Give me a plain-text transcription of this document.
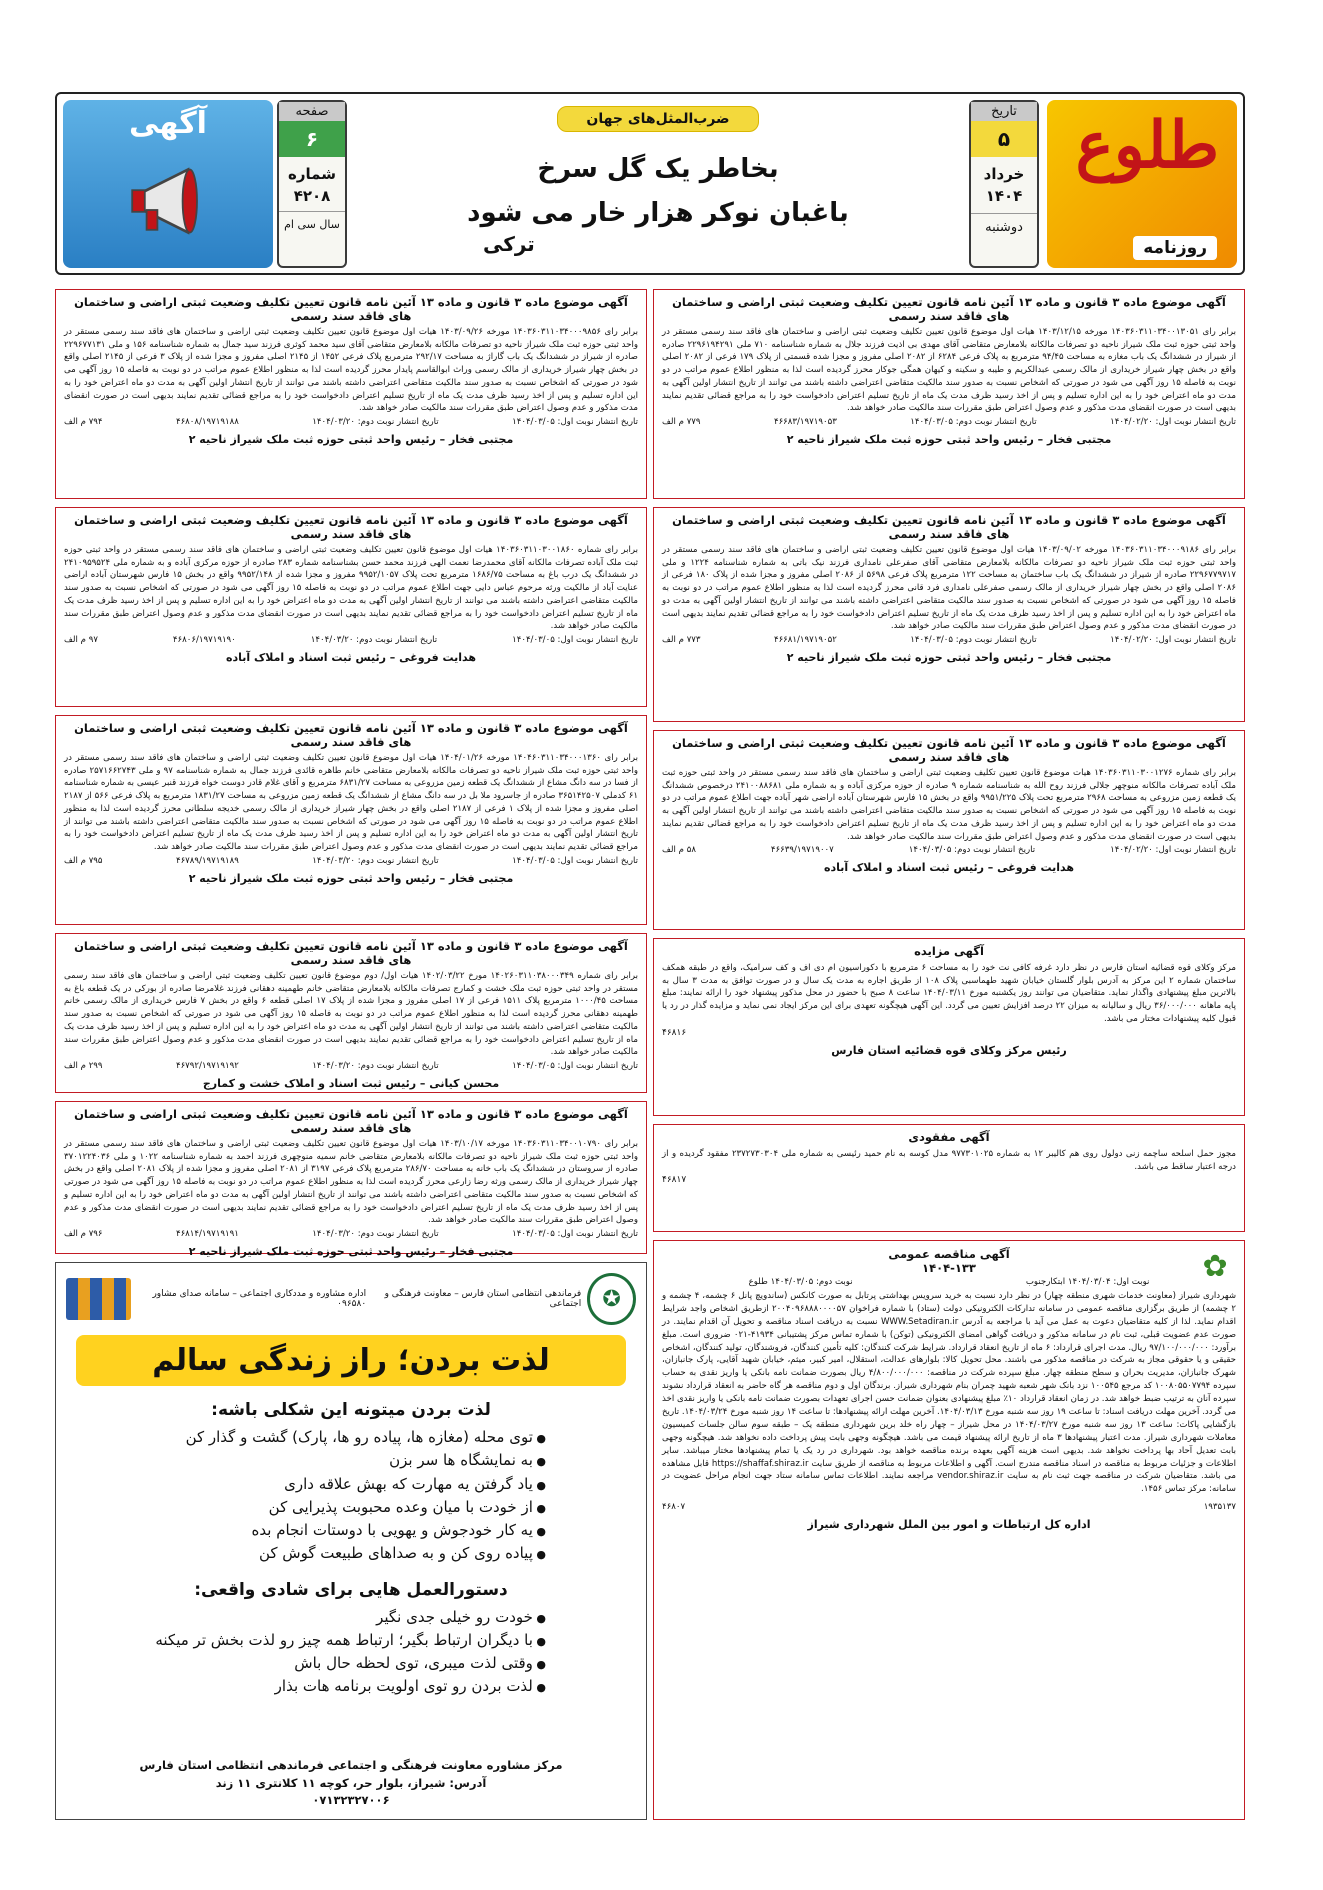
طلوع
روزنامه
تاریخ
۵
خرداد
۱۴۰۴
دوشنبه
ضرب‌المثل‌های جهان
بخاطر یک گل سرخ
باغبان نوکر هزار خار می شود
ترکی
صفحه
۶
شماره
۴۲۰۸
سال سی ام
آگهی
آگهی موضوع ماده ۳ قانون و ماده ۱۳ آئین نامه قانون تعیین تکلیف وضعیت ثبتی اراضی و ساختمان های فاقد سند رسمی

برابر رای ۱۴۰۳۶۰۳۱۱۰۳۴۰۰۱۳۰۵۱ مورخه ۱۴۰۳/۱۲/۱۵ هیات اول موضوع قانون تعیین تکلیف وضعیت ثبتی اراضی و ساختمان های فاقد سند رسمی مستقر در واحد ثبتی حوزه ثبت ملک شیراز ناحیه دو تصرفات مالکانه بلامعارض متقاضی آقای مهدی بی اذیت فرزند جلال به شماره شناسنامه ۷۱۰ ملی ۲۲۹۶۱۹۴۲۹۱ صادره از شیراز در ششدانگ یک باب مغازه به مساحت ۹۴/۴۵ مترمربع به پلاک فرعی ۶۲۸۴ از ۲۰۸۲ اصلی مفروز و مجزا شده قسمتی از پلاک ۱۷۹ فرعی از ۲۰۸۲ اصلی واقع در بخش چهار شیراز خریداری از مالک رسمی عبدالکریم و طیبه و سکینه و کیهان همگی جوکار محرز گردیده است لذا به منظور اطلاع عموم مراتب در دو نوبت به فاصله ۱۵ روز آگهی می شود در صورتی که اشخاص نسبت به صدور سند مالکیت متقاضی اعتراضی داشته باشند می توانند از تاریخ انتشار اولین آگهی به مدت دو ماه اعتراض خود را به این اداره تسلیم و پس از اخذ رسید ظرف مدت یک ماه از تاریخ تسلیم اعتراض دادخواست خود را به مراجع قضائی تقدیم نمایند بدیهی است در صورت انقضای مدت مذکور و عدم وصول اعتراض طبق مقررات سند مالکیت صادر خواهد شد.

تاریخ انتشار نوبت اول: ۱۴۰۴/۰۲/۲۰
تاریخ انتشار نوبت دوم: ۱۴۰۴/۰۳/۰۵
۴۶۶۸۳/۱۹۷۱۹۰۵۳
۷۷۹ م الف
مجتبی فخار – رئیس واحد ثبتی حوزه ثبت ملک شیراز ناحیه ۲
آگهی موضوع ماده ۳ قانون و ماده ۱۳ آئین نامه قانون تعیین تکلیف وضعیت ثبتی اراضی و ساختمان های فاقد سند رسمی

برابر رای ۱۴۰۳۶۰۳۱۱۰۳۴۰۰۰۹۱۸۶ مورخه ۱۴۰۳/۰۹/۰۲ هیات اول موضوع قانون تعیین تکلیف وضعیت ثبتی اراضی و ساختمان های فاقد سند رسمی مستقر در واحد ثبتی حوزه ثبت ملک شیراز ناحیه دو تصرفات مالکانه بلامعارض متقاضی آقای صفرعلی نامداری فرزند نیک باتی به شماره شناسنامه ۱۲۲۴ و ملی ۲۲۹۶۷۷۹۷۱۷ صادره از شیراز در ششدانگ یک باب ساختمان به مساحت ۱۲۲ مترمربع پلاک فرعی ۵۶۹۸ از ۲۰۸۶ اصلی مفروز و مجزا شده از پلاک ۱۸۰ فرعی از ۲۰۸۶ اصلی واقع در بخش چهار شیراز خریداری از مالک رسمی صفرعلی نامداری فرد قانی محرز گردیده است لذا به منظور اطلاع عموم مراتب در دو نوبت به فاصله ۱۵ روز آگهی می شود در صورتی که اشخاص نسبت به صدور سند مالکیت متقاضی اعتراضی داشته باشند می توانند از تاریخ انتشار اولین آگهی به مدت دو ماه اعتراض خود را به این اداره تسلیم و پس از اخذ رسید ظرف مدت یک ماه از تاریخ تسلیم اعتراض دادخواست خود را به مراجع قضائی تقدیم نمایند بدیهی است در صورت انقضای مدت مذکور و عدم وصول اعتراض طبق مقررات سند مالکیت صادر خواهد شد.

تاریخ انتشار نوبت اول: ۱۴۰۴/۰۲/۲۰
تاریخ انتشار نوبت دوم: ۱۴۰۴/۰۳/۰۵
۴۶۶۸۱/۱۹۷۱۹۰۵۲
۷۷۳ م الف
مجتبی فخار – رئیس واحد ثبتی حوزه ثبت ملک شیراز ناحیه ۲
آگهی موضوع ماده ۳ قانون و ماده ۱۳ آئین نامه قانون تعیین تکلیف وضعیت ثبتی اراضی و ساختمان های فاقد سند رسمی

برابر رای شماره ۱۴۰۳۶۰۳۱۱۰۳۰۰۱۲۷۶ هیات موضوع قانون تعیین تکلیف وضعیت ثبتی اراضی و ساختمان های فاقد سند رسمی مستقر در واحد ثبتی حوزه ثبت ملک آباده تصرفات مالکانه منوچهر جلالی فرزند روح الله به شناسنامه شماره ۹ صادره از حوزه مرکزی آباده و به شماره ملی ۲۴۱۰۰۸۸۶۸۱ درخصوص ششدانگ یک قطعه زمین مزروعی به مساحت ۲۹۶۸ مترمربع تحت پلاک ۹۹۵۱/۲۲۵ واقع در بخش ۱۵ فارس شهرستان آباده اراضی شهر آباده جهت اطلاع عموم مراتب در دو نوبت به فاصله ۱۵ روز آگهی می شود در صورتی که اشخاص نسبت به صدور سند مالکیت متقاضی اعتراضی داشته باشند می توانند از تاریخ انتشار اولین آگهی به مدت دو ماه اعتراض خود را به این اداره تسلیم و پس از اخذ رسید ظرف مدت یک ماه از تاریخ تسلیم اعتراض دادخواست خود را به مراجع قضائی تقدیم نمایند بدیهی است در صورت انقضای مدت مذکور و عدم وصول اعتراض طبق مقررات سند مالکیت صادر خواهد شد.

تاریخ انتشار نوبت اول: ۱۴۰۴/۰۲/۲۰
تاریخ انتشار نوبت دوم: ۱۴۰۴/۰۳/۰۵
۴۶۶۳۹/۱۹۷۱۹۰۰۷
۵۸ م الف
هدایت فروغی – رئیس ثبت اسناد و املاک آباده
آگهی مزایده

مرکز وکلای قوه قضائیه استان فارس در نظر دارد غرفه کافی نت خود را به مساحت ۶ مترمربع با دکوراسیون ام دی اف و کف سرامیک، واقع در طبقه همکف ساختمان شماره ۲ این مرکز به آدرس بلوار گلستان خیابان شهید طهماسبی پلاک ۱۰۸ از طریق اجاره به مدت یک سال و در صورت توافق به مدت ۳ سال به بالاترین مبلغ پیشنهادی واگذار نماید. متقاضیان می توانند روز یکشنبه مورخ ۱۴۰۴/۰۳/۱۱ ساعت ۸ صبح با حضور در محل مذکور پیشنهاد خود را ارائه نمایند: مبلغ پایه ماهانه ۳۶/۰۰۰/۰۰۰ ریال و سالیانه به میزان ۲۲ درصد افزایش تعیین می گردد. این آگهی هیچگونه تعهدی برای این مرکز ایجاد نمی نماید و مزایده گذار در رد یا قبول کلیه پیشنهادات مختار می باشد.

۴۶۸۱۶
رئیس مرکز وکلای قوه قضائیه استان فارس
آگهی مفقودی

مجوز حمل اسلحه ساچمه زنی دولول روی هم کالیبر ۱۲ به شماره ۹۷۷۳۰۱۰۲۵ مدل کوسه به نام حمید رئیسی به شماره ملی ۲۳۷۲۷۳۰۳۰۴ مفقود گردیده و از درجه اعتبار ساقط می باشد.

۴۶۸۱۷
✿
آگهی مناقصه عمومی
۱۴۰۴-۱۳۳
نوبت اول: ۱۴۰۴/۰۳/۰۴ ابتکارجنوب
نوبت دوم: ۱۴۰۴/۰۳/۰۵ طلوع

شهرداری شیراز (معاونت خدمات شهری منطقه چهار) در نظر دارد نسبت به خرید سرویس بهداشتی پرتابل به صورت کانکس (ساندویچ پانل ۶ چشمه، ۴ چشمه و ۲ چشمه) از طریق برگزاری مناقصه عمومی در سامانه تدارکات الکترونیکی دولت (ستاد) با شماره فراخوان ۲۰۰۴۰۹۶۸۸۸۰۰۰۰۵۷ ازطریق اشخاص واجد شرایط اقدام نماید. لذا از کلیه متقاضیان دعوت به عمل می آید با مراجعه به آدرس WWW.Setadiran.ir نسبت به دریافت اسناد مناقصه و تحویل آن اقدام نمایند. در صورت عدم عضویت قبلی، ثبت نام در سامانه مذکور و دریافت گواهی امضای الکترونیکی (توکن) با شماره تماس مرکز پشتیبانی ۴۱۹۳۴-۰۲۱ ضروری است. مبلغ برآورد: ۹۷/۱۰۰/۰۰۰/۰۰۰ ریال. مدت اجرای قرارداد: ۶ ماه از تاریخ انعقاد قرارداد. شرایط شرکت کنندگان: کلیه تأمین کنندگان، فروشندگان، تولید کنندگان، اشخاص حقیقی و یا حقوقی مجاز به شرکت در مناقصه مذکور می باشند. محل تحویل کالا: بلوارهای عدالت، استقلال، امیر کبیر، میثم، خیابان شهید آقایی، پارک جانبازان، شهرک جانبازان، مدیریت بحران و سطح منطقه چهار. مبلغ سپرده شرکت در مناقصه: ۴/۸۰۰/۰۰۰/۰۰۰ ریال بصورت ضمانت نامه بانکی یا واریز نقدی به حساب سپرده ۱۰۰۸۰۵۵۰۷۷۹۴ کد مرجع ۱۰۰۵۴۵ نزد بانک شهر شعبه شهید چمران بنام شهرداری شیراز. برندگان اول و دوم مناقصه هر گاه حاضر به انعقاد قرارداد نشوند سپرده آنان به ترتیب ضبط خواهد شد. در زمان انعقاد قرارداد ۱۰٪ مبلغ پیشنهادی بعنوان ضمانت حسن اجرای تعهدات بصورت ضمانت نامه بانکی یا واریز نقدی اخذ می گردد. آخرین مهلت دریافت اسناد: تا ساعت ۱۹ روز سه شنبه مورخ ۱۴۰۴/۰۳/۱۳. آخرین مهلت ارائه پیشنهادها: تا ساعت ۱۴ روز شنبه مورخ ۱۴۰۴/۰۳/۲۴. تاریخ بازگشایی پاکات: ساعت ۱۳ روز سه شنبه مورخ ۱۴۰۴/۰۳/۲۷ در محل شیراز – چهار راه خلد برین شهرداری منطقه یک – طبقه سوم سالن جلسات کمیسیون معاملات شهرداری شیراز. مدت اعتبار پیشنهادها ۳ ماه از تاریخ ارائه پیشنهاد قیمت می باشد. هیچگونه وجهی بابت پیش پرداخت داده نخواهد شد. هیچگونه وجهی بابت تعدیل آحاد بها پرداخت نخواهد شد. بدیهی است هزینه آگهی بعهده برنده مناقصه خواهد بود. شهرداری در رد یک یا تمام پیشنهادها مختار میباشد. سایر اطلاعات و جزئیات مربوط به مناقصه در اسناد مناقصه مندرج است. آگهی و اطلاعات مربوط به مناقصه از طریق سایت https://shaffaf.shiraz.ir قابل مشاهده می باشد. متقاضیان شرکت در مناقصه جهت ثبت نام به سایت vendor.shiraz.ir مراجعه نمایند. اطلاعات تماس سامانه ستاد جهت انجام مراحل عضویت در سامانه: مرکز تماس ۱۴۵۶.

۱۹۳۵۱۳۷
۴۶۸۰۷
اداره کل ارتباطات و امور بین الملل شهرداری شیراز
آگهی موضوع ماده ۳ قانون و ماده ۱۳ آئین نامه قانون تعیین تکلیف وضعیت ثبتی اراضی و ساختمان های فاقد سند رسمی

برابر رای ۱۴۰۳۶۰۳۱۱۰۳۴۰۰۰۹۸۵۶ مورخه ۱۴۰۳/۰۹/۲۶ هیات اول موضوع قانون تعیین تکلیف وضعیت ثبتی اراضی و ساختمان های فاقد سند رسمی مستقر در واحد ثبتی حوزه ثبت ملک شیراز ناحیه دو تصرفات مالکانه بلامعارض متقاضی آقای سید محمد کوثری فرزند سید جمال به شماره شناسنامه ۱۵۶ و ملی ۲۲۹۶۷۷۱۳۱ صادره از شیراز در ششدانگ یک باب گاراژ به مساحت ۲۹۲/۱۷ مترمربع پلاک فرعی ۱۴۵۲ از ۲۱۴۵ اصلی مفروز و مجزا شده از پلاک ۳ فرعی از ۲۱۴۵ اصلی واقع در بخش چهار شیراز خریداری از مالک رسمی وراث ابوالقاسم پایدار محرز گردیده است لذا به منظور اطلاع عموم مراتب در دو نوبت به فاصله ۱۵ روز آگهی می شود در صورتی که اشخاص نسبت به صدور سند مالکیت متقاضی اعتراضی داشته باشند می توانند از تاریخ انتشار اولین آگهی به مدت دو ماه اعتراض خود را به این اداره تسلیم و پس از اخذ رسید ظرف مدت یک ماه از تاریخ تسلیم اعتراض دادخواست خود را به مراجع قضائی تقدیم نمایند بدیهی است در صورت انقضای مدت مذکور و عدم وصول اعتراض طبق مقررات سند مالکیت صادر خواهد شد.

تاریخ انتشار نوبت اول: ۱۴۰۴/۰۳/۰۵
تاریخ انتشار نوبت دوم: ۱۴۰۴/۰۳/۲۰
۴۶۸۰۸/۱۹۷۱۹۱۸۸
۷۹۴ م الف
مجتبی فخار – رئیس واحد ثبتی حوزه ثبت ملک شیراز ناحیه ۲
آگهی موضوع ماده ۳ قانون و ماده ۱۳ آئین نامه قانون تعیین تکلیف وضعیت ثبتی اراضی و ساختمان های فاقد سند رسمی

برابر رای شماره ۱۴۰۳۶۰۳۱۱۰۳۰۰۱۸۶۰ هیات اول موضوع قانون تعیین تکلیف وضعیت ثبتی اراضی و ساختمان های فاقد سند رسمی مستقر در واحد ثبتی حوزه ثبت ملک آباده تصرفات مالکانه آقای محمدرضا نعمت الهی فرزند محمد حسن بشناسنامه شماره ۲۸۳ صادره از حوزه مرکزی آباده و به شماره ملی ۲۴۱۰۹۵۹۵۲۴ در ششدانگ یک درب باغ به مساحت ۱۶۸۶/۷۵ مترمربع تحت پلاک ۹۹۵۲/۱۰۵۷ مفروز و مجزا شده از ۹۹۵۲/۱۴۸ واقع در بخش ۱۵ فارس شهرستان آباده اراضی عنایت آباد از مالکیت ورثه مرحوم عباس دایی جهت اطلاع عموم مراتب در دو نوبت به فاصله ۱۵ روز آگهی می شود در صورتی که اشخاص نسبت به صدور سند مالکیت متقاضی اعتراضی داشته باشند می توانند از تاریخ انتشار اولین آگهی به مدت دو ماه اعتراض خود را به این اداره تسلیم و پس از اخذ رسید ظرف مدت یک ماه از تاریخ تسلیم اعتراض دادخواست خود را به مراجع قضائی تقدیم نمایند بدیهی است در صورت انقضای مدت مذکور و عدم وصول اعتراض طبق مقررات سند مالکیت صادر خواهد شد.

تاریخ انتشار نوبت اول: ۱۴۰۴/۰۳/۰۵
تاریخ انتشار نوبت دوم: ۱۴۰۴/۰۳/۲۰
۴۶۸۰۶/۱۹۷۱۹۱۹۰
۹۷ م الف
هدایت فروغی – رئیس ثبت اسناد و املاک آباده
آگهی موضوع ماده ۳ قانون و ماده ۱۳ آئین نامه قانون تعیین تکلیف وضعیت ثبتی اراضی و ساختمان های فاقد سند رسمی

برابر رای ۱۴۰۴۶۰۳۱۱۰۳۴۰۰۰۱۳۶۰ مورخه ۱۴۰۴/۰۱/۲۶ هیات اول موضوع قانون تعیین تکلیف وضعیت ثبتی اراضی و ساختمان های فاقد سند رسمی مستقر در واحد ثبتی حوزه ثبت ملک شیراز ناحیه دو تصرفات مالکانه بلامعارض متقاضی خانم طاهره قائدی فرزند جمال به شماره شناسنامه ۹۷ و ملی ۲۵۷۱۶۶۲۷۴۳ صادره از فسا در سه دانگ مشاع از ششدانگ یک قطعه زمین مزروعی به مساحت ۶۸۳۱/۲۷ مترمربع و آقای غلام قادر دوست خواه فرزند قنبر عیسی به شماره شناسنامه ۶۱ کدملی ۳۶۵۱۴۲۵۰۷ صادره از جاسرود ملا بل در سه دانگ مشاع از ششدانگ یک قطعه زمین مزروعی به مساحت ۱۸۳۱/۲۷ مترمربع به پلاک فرعی ۵۶۶ از ۲۱۸۷ اصلی مفروز و مجزا شده از پلاک ۱ فرعی از ۲۱۸۷ اصلی واقع در بخش چهار شیراز خریداری از مالک رسمی خدیجه سلطانی محرز گردیده است لذا به منظور اطلاع عموم مراتب در دو نوبت به فاصله ۱۵ روز آگهی می شود در صورتی که اشخاص نسبت به صدور سند مالکیت متقاضی اعتراضی داشته باشند می توانند از تاریخ انتشار اولین آگهی به مدت دو ماه اعتراض خود را به این اداره تسلیم و پس از اخذ رسید ظرف مدت یک ماه از تاریخ تسلیم اعتراض دادخواست خود را به مراجع قضائی تقدیم نمایند بدیهی است در صورت انقضای مدت مذکور و عدم وصول اعتراض طبق مقررات سند مالکیت صادر خواهد شد.

تاریخ انتشار نوبت اول: ۱۴۰۴/۰۳/۰۵
تاریخ انتشار نوبت دوم: ۱۴۰۴/۰۳/۲۰
۴۶۷۸۹/۱۹۷۱۹۱۸۹
۷۹۵ م الف
مجتبی فخار – رئیس واحد ثبتی حوزه ثبت ملک شیراز ناحیه ۲
آگهی موضوع ماده ۳ قانون و ماده ۱۳ آئین نامه قانون تعیین تکلیف وضعیت ثبتی اراضی و ساختمان های فاقد سند رسمی

برابر رای شماره ۱۴۰۲۶۰۳۱۱۰۳۸۰۰۰۳۴۹ مورخ ۱۴۰۲/۰۳/۲۲ هیات اول/ دوم موضوع قانون تعیین تکلیف وضعیت ثبتی اراضی و ساختمان های فاقد سند رسمی مستقر در واحد ثبتی حوزه ثبت ملک خشت و کمارج تصرفات مالکانه بلامعارض متقاضی خانم طهمینه دهقانی فرزند غلامرضا صادره از بورکی در یک قطعه باغ به مساحت ۱۰۰۰/۴۵ مترمربع پلاک ۱۵۱۱ فرعی از ۱۷ اصلی مفروز و مجزا شده از پلاک ۱۷ اصلی قطعه ۶ واقع در بخش ۷ فارس خریداری از مالک رسمی خانم طهمینه دهقانی محرز گردیده است لذا به منظور اطلاع عموم مراتب در دو نوبت به فاصله ۱۵ روز آگهی می شود در صورتی که اشخاص نسبت به صدور سند مالکیت متقاضی اعتراضی داشته باشند می توانند از تاریخ انتشار اولین آگهی به مدت دو ماه اعتراض خود را به این اداره تسلیم و پس از اخذ رسید ظرف مدت یک ماه از تاریخ تسلیم اعتراض دادخواست خود را به مراجع قضائی تقدیم نمایند بدیهی است در صورت انقضای مدت مذکور و عدم وصول اعتراض طبق مقررات سند مالکیت صادر خواهد شد.

تاریخ انتشار نوبت اول: ۱۴۰۴/۰۳/۰۵
تاریخ انتشار نوبت دوم: ۱۴۰۴/۰۳/۲۰
۴۶۷۹۲/۱۹۷۱۹۱۹۲
۲۹۹ م الف
محسن کیانی – رئیس ثبت اسناد و املاک خشت و کمارج
آگهی موضوع ماده ۳ قانون و ماده ۱۳ آئین نامه قانون تعیین تکلیف وضعیت ثبتی اراضی و ساختمان های فاقد سند رسمی

برابر رای ۱۴۰۳۶۰۳۱۱۰۳۴۰۰۱۰۷۹۰ مورخه ۱۴۰۳/۱۰/۱۷ هیات اول موضوع قانون تعیین تکلیف وضعیت ثبتی اراضی و ساختمان های فاقد سند رسمی مستقر در واحد ثبتی حوزه ثبت ملک شیراز ناحیه دو تصرفات مالکانه بلامعارض متقاضی خانم سمیه منوچهری فرزند احمد به شماره شناسنامه ۱۰۲۲ و ملی ۳۷۰۱۲۲۴۰۳۶ صادره از سروستان در ششدانگ یک باب خانه به مساحت ۲۸۶/۷۰ مترمربع پلاک فرعی ۳۱۹۷ از ۲۰۸۱ اصلی مفروز و مجزا شده از پلاک ۲۰۸۱ اصلی واقع در بخش چهار شیراز خریداری از مالک رسمی ورثه رضا زارعی محرز گردیده است لذا به منظور اطلاع عموم مراتب در دو نوبت به فاصله ۱۵ روز آگهی می شود در صورتی که اشخاص نسبت به صدور سند مالکیت متقاضی اعتراضی داشته باشند می توانند از تاریخ انتشار اولین آگهی به مدت دو ماه اعتراض خود را به این اداره تسلیم و پس از اخذ رسید ظرف مدت یک ماه از تاریخ تسلیم اعتراض دادخواست خود را به مراجع قضائی تقدیم نمایند بدیهی است در صورت انقضای مدت مذکور و عدم وصول اعتراض طبق مقررات سند مالکیت صادر خواهد شد.

تاریخ انتشار نوبت اول: ۱۴۰۴/۰۳/۰۵
تاریخ انتشار نوبت دوم: ۱۴۰۴/۰۳/۲۰
۴۶۸۱۴/۱۹۷۱۹۱۹۱
۷۹۶ م الف
مجتبی فخار – رئیس واحد ثبتی حوزه ثبت ملک شیراز ناحیه ۲
✪
فرماندهی انتظامی استان فارس – معاونت فرهنگی و اجتماعی
اداره مشاوره و مددکاری اجتماعی – سامانه صدای مشاور ۰۹۶۵۸۰
لذت بردن؛ راز زندگی سالم
لذت بردن میتونه این شکلی باشه:
● توی محله (مغازه ها، پیاده رو ها، پارک) گشت و گذار کن
● به نمایشگاه ها سر بزن
● یاد گرفتن یه مهارت که بهش علاقه داری
● از خودت با میان وعده محبوبت پذیرایی کن
● یه کار خودجوش و یهویی با دوستات انجام بده
● پیاده روی کن و به صداهای طبیعت گوش کن
دستورالعمل هایی برای شادی واقعی:
● خودت رو خیلی جدی نگیر
● با دیگران ارتباط بگیر؛ ارتباط همه چیز رو لذت بخش تر میکنه
● وقتی لذت میبری، توی لحظه حال باش
● لذت بردن رو توی اولویت برنامه هات بذار
مرکز مشاوره معاونت فرهنگی و اجتماعی فرماندهی انتظامی استان فارس
آدرس: شیراز، بلوار حر، کوچه ۱۱ کلانتری ۱۱ زند
۰۷۱۳۲۳۲۷۰۰۶
